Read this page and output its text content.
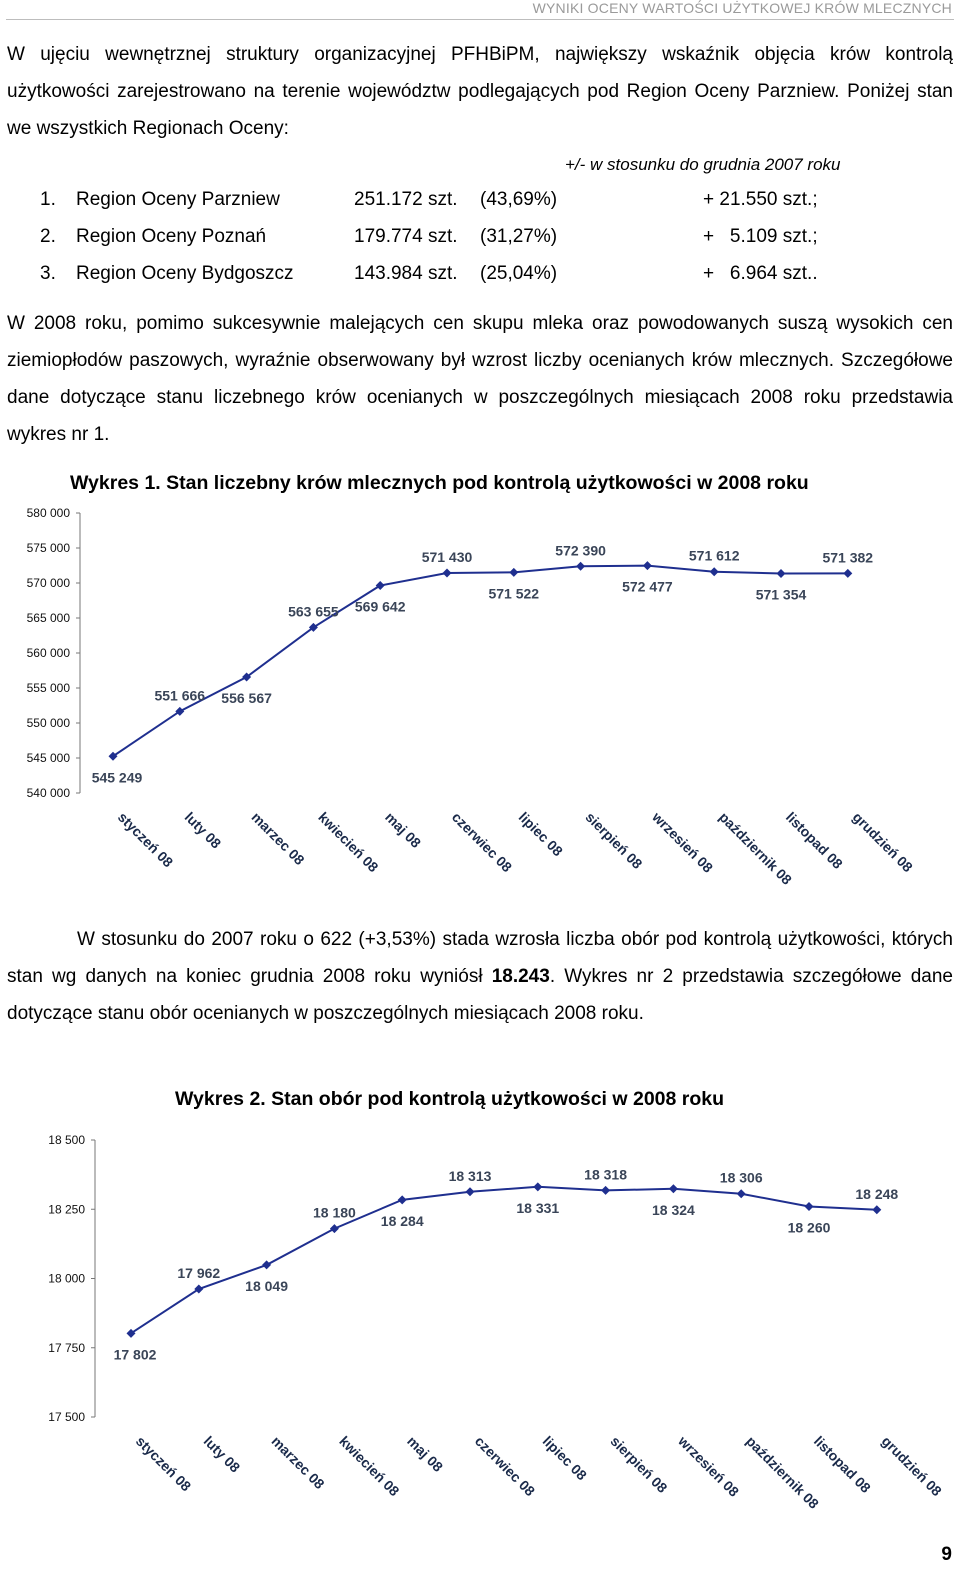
WYNIKI OCENY WARTOŚCI UŻYTKOWEJ KRÓW MLECZNYCH
W ujęciu wewnętrznej struktury organizacyjnej PFHBiPM, największy wskaźnik objęcia krów kontrolą użytkowości zarejestrowano na terenie województw podlegających pod Region Oceny Parzniew. Poniżej stan we wszystkich Regionach Oceny:
+/- w stosunku do grudnia 2007 roku
1. Region Oceny Parzniew	251.172 szt. (43,69%)	+ 21.550 szt.;
2. Region Oceny Poznań	179.774 szt. (31,27%)	+   5.109 szt.;
3. Region Oceny Bydgoszcz	143.984 szt. (25,04%)	+   6.964 szt..
W 2008 roku, pomimo sukcesywnie malejących cen skupu mleka oraz powodowanych suszą wysokich cen ziemiopłodów paszowych, wyraźnie obserwowany był wzrost liczby ocenianych krów mlecznych. Szczegółowe dane dotyczące stanu liczebnego krów ocenianych w poszczególnych miesiącach 2008 roku przedstawia wykres nr 1.
Wykres 1. Stan liczebny krów mlecznych pod kontrolą użytkowości w 2008 roku
540 000
545 000
550 000
555 000
560 000
565 000
570 000
575 000
580 000
545 249
551 666 556 567
563 655 569 642
571 430
571 522
572 390
572 477
571 612
571 354
571 382
styczeń 08 luty 08 marzec 08 kwiecień 08 maj 08 czerwiec 08 lipiec 08 sierpień 08 wrzesień 08 październik 08
listopad 08 grudzień 08
W stosunku do 2007 roku o 622 (+3,53%) stada wzrosła liczba obór pod kontrolą użytkowości, których stan wg danych na koniec grudnia 2008 roku wyniósł 18.243. Wykres nr 2 przedstawia szczegółowe dane dotyczące stanu obór ocenianych w poszczególnych miesiącach 2008 roku.
Wykres 2. Stan obór pod kontrolą użytkowości w 2008 roku
17 500
17 750
18 000
18 250
18 500
17 802
17 962
18 049
18 180
18 284
18 313
18 331
18 318
18 324
18 306
18 260
18 248
styczeń 08 luty 08 marzec 08 kwiecień 08 maj 08 czerwiec 08 lipiec 08 sierpień 08 wrzesień 08 październik 08
listopad 08 grudzień 08
9
